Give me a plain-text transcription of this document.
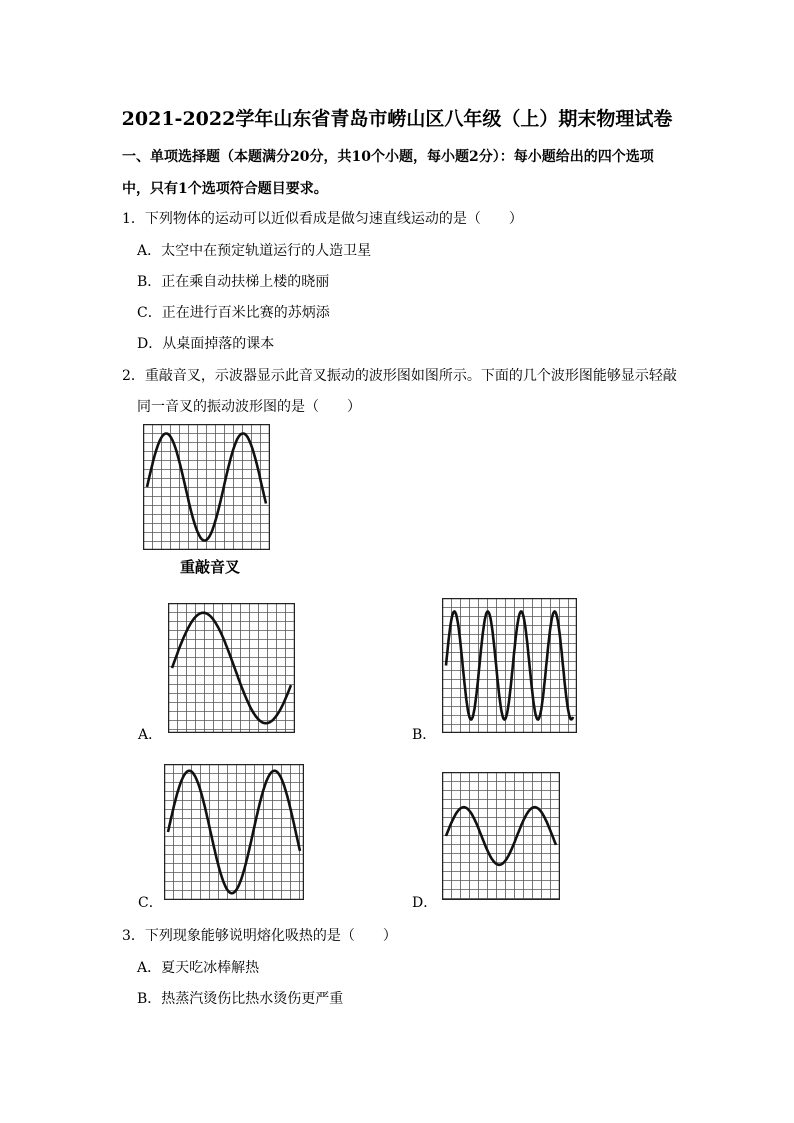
2021-2022学年山东省青岛市崂山区八年级（上）期末物理试卷
一、单项选择题（本题满分20分，共10个小题，每小题2分）：每小题给出的四个选项
中，只有1个选项符合题目要求。
1．下列物体的运动可以近似看成是做匀速直线运动的是（　　）
A．太空中在预定轨道运行的人造卫星
B．正在乘自动扶梯上楼的晓丽
C．正在进行百米比赛的苏炳添
D．从桌面掉落的课本
2．重敲音叉，示波器显示此音叉振动的波形图如图所示。下面的几个波形图能够显示轻敲
同一音叉的振动波形图的是（　　）
重敲音叉
A．	B．
C．	D．
3．下列现象能够说明熔化吸热的是（　　）
A．夏天吃冰棒解热
B．热蒸汽烫伤比热水烫伤更严重
